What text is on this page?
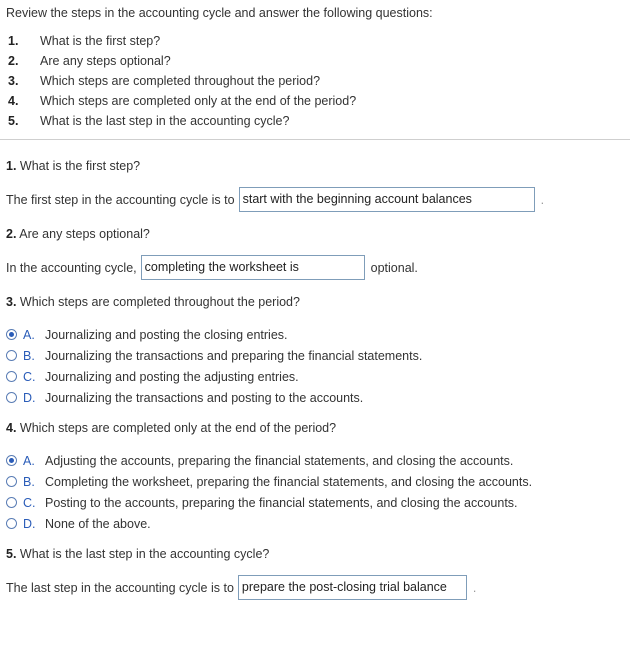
Review the steps in the accounting cycle and answer the following questions:
1.	What is the first step?
2.	Are any steps optional?
3.	Which steps are completed throughout the period?
4.	Which steps are completed only at the end of the period?
5.	What is the last step in the accounting cycle?
1. What is the first step?
The first step in the accounting cycle is to start with the beginning account balances	.
2. Are any steps optional?
In the accounting cycle, completing the worksheet is	optional.
3. Which steps are completed throughout the period?
A. Journalizing and posting the closing entries.
B. Journalizing the transactions and preparing the financial statements.
C. Journalizing and posting the adjusting entries.
D. Journalizing the transactions and posting to the accounts.
4. Which steps are completed only at the end of the period?
A. Adjusting the accounts, preparing the financial statements, and closing the accounts.
B. Completing the worksheet, preparing the financial statements, and closing the accounts.
C. Posting to the accounts, preparing the financial statements, and closing the accounts.
D. None of the above.
5. What is the last step in the accounting cycle?
The last step in the accounting cycle is to prepare the post-closing trial balance	.
